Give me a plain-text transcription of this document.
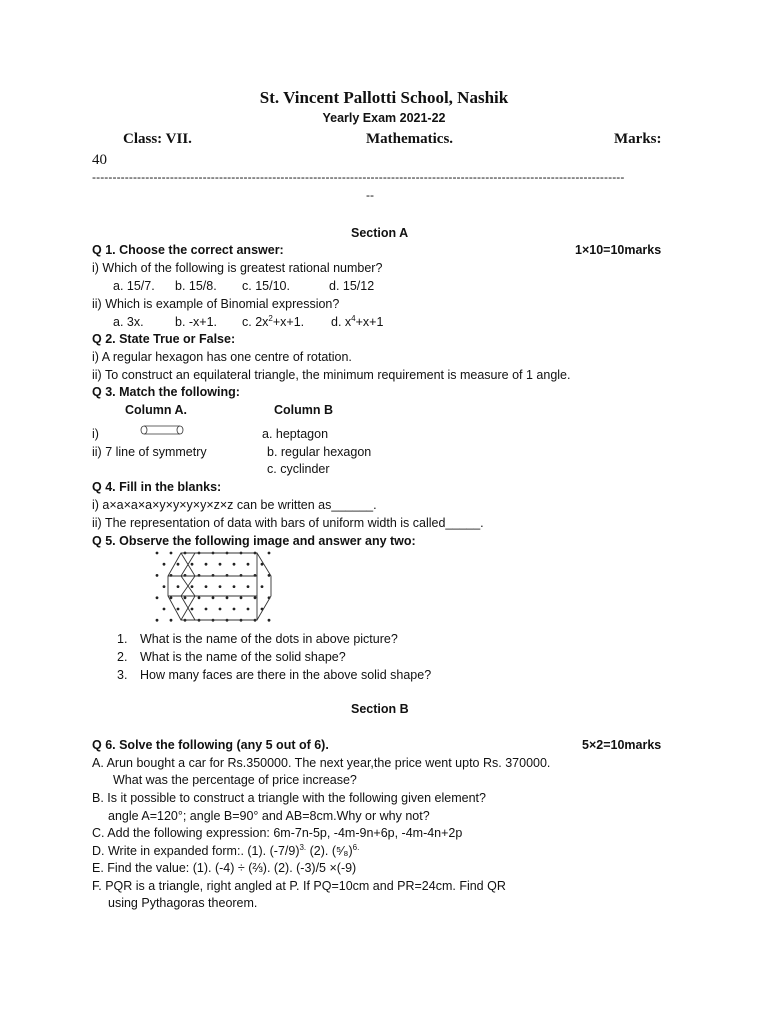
St. Vincent Pallotti School, Nashik
Yearly Exam 2021-22
Class: VII.	Mathematics.	Marks:
40
----------------------------------------------------------------------------------------------------------------------------------
--
Section A
Q 1. Choose the correct answer:	1×10=10marks
i) Which of the following is greatest rational number?
a. 15/7. b. 15/8. c. 15/10.	d. 15/12
ii) Which is example of Binomial expression?
a. 3x.	b. -x+1. c. $2x^2+x+1$. d. $x^4+x+1$
Q 2. State True or False:
i) A regular hexagon has one centre of rotation.
ii) To construct an equilateral triangle, the minimum requirement is measure of 1 angle.
Q 3. Match the following:
Column A.	Column B
i)	a. heptagon
ii) 7 line of symmetry	b. regular hexagon
c. cyclinder
Q 4. Fill in the blanks:
i) a×a×a×a×y×y×y×y×z×z can be written as______.
ii) The representation of data with bars of uniform width is called_____.
Q 5. Observe the following image and answer any two:
1. What is the name of the dots in above picture?
2. What is the name of the solid shape?
3. How many faces are there in the above solid shape?
Section B
Q 6. Solve the following (any 5 out of 6).	5×2=10marks
A. Arun bought a car for Rs.350000. The next year,the price went upto Rs. 370000.
What was the percentage of price increase?
B. Is it possible to construct a triangle with the following given element?
angle A=120°; angle B=90° and AB=8cm.Why or why not?
C. Add the following expression: 6m-7n-5p, -4m-9n+6p, -4m-4n+2p
D. Write in expanded form:. (1). $(-7/9)^{3.}$ (2). (⁵⁄₈)$^{6.}$
E. Find the value: (1). (-4) ÷ (⅔). (2). (-3)/5 ×(-9)
F. PQR is a triangle, right angled at P. If PQ=10cm and PR=24cm. Find QR
using Pythagoras theorem.
